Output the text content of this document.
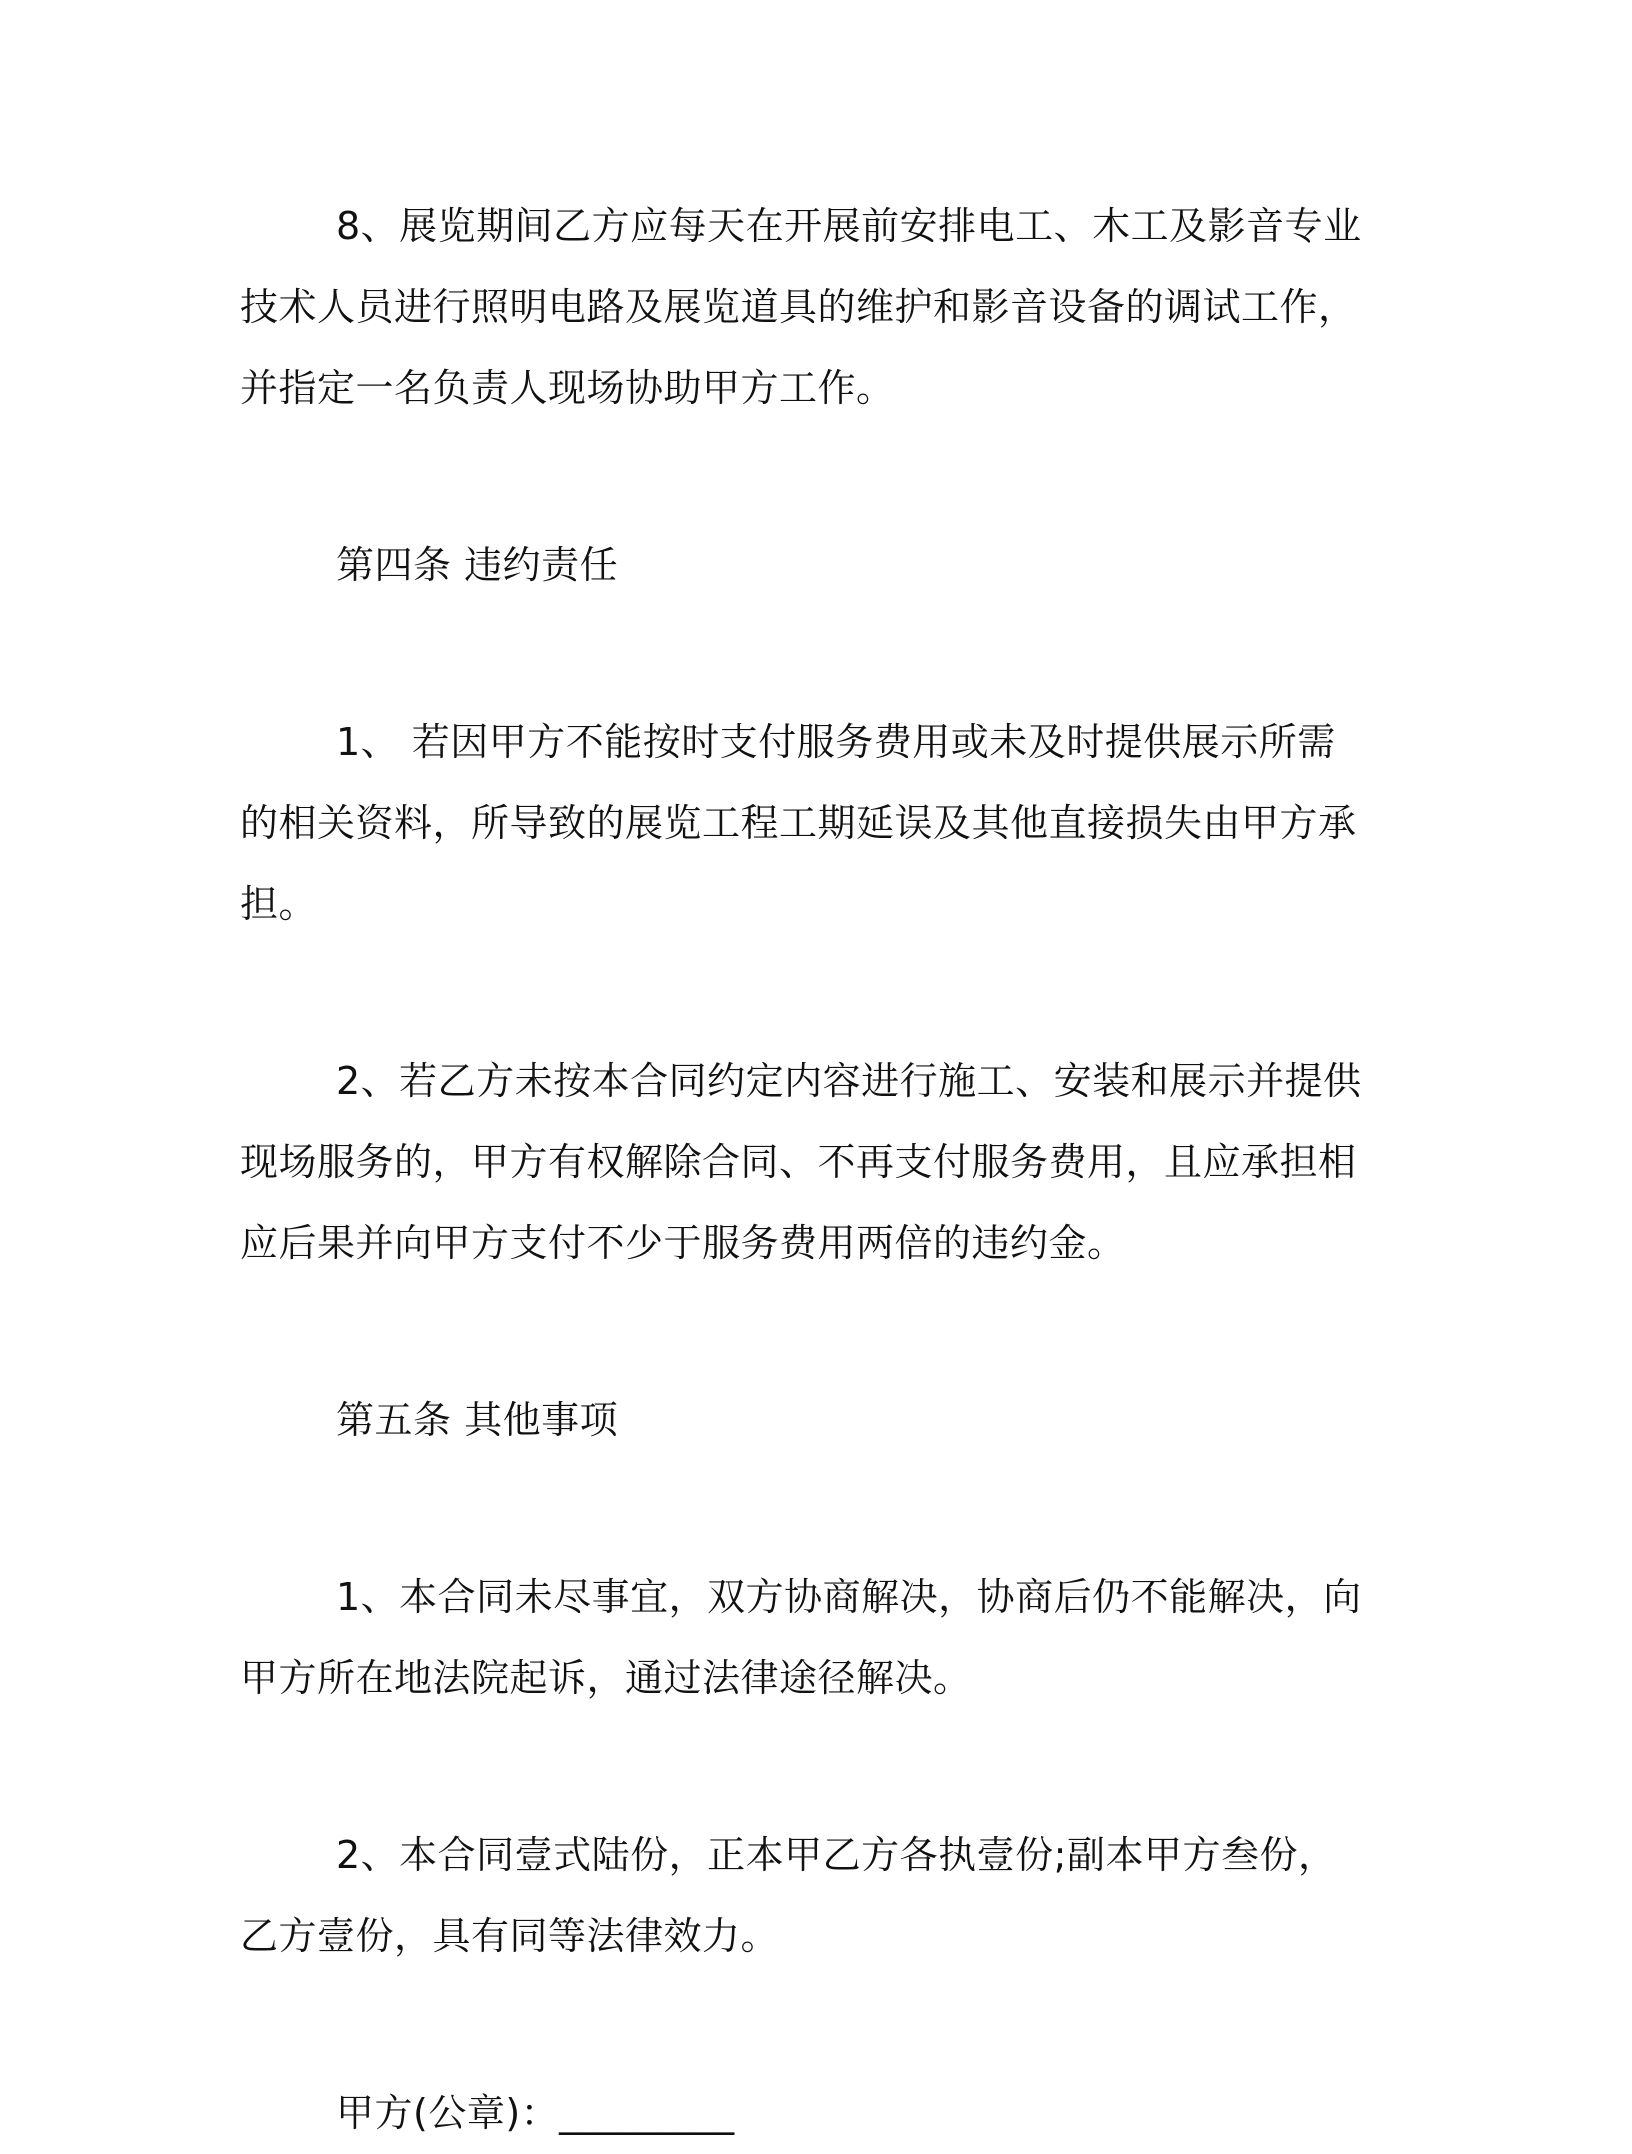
8、展览期间乙方应每天在开展前安排电工、木工及影音专业技术人员进行照明电路及展览道具的维护和影音设备的调试工作，并指定一名负责人现场协助甲方工作。

第四条 违约责任

1、 若因甲方不能按时支付服务费用或未及时提供展示所需的相关资料，所导致的展览工程工期延误及其他直接损失由甲方承担。

2、若乙方未按本合同约定内容进行施工、安装和展示并提供现场服务的，甲方有权解除合同、不再支付服务费用，且应承担相应后果并向甲方支付不少于服务费用两倍的违约金。

第五条 其他事项

1、本合同未尽事宜，双方协商解决，协商后仍不能解决，向甲方所在地法院起诉，通过法律途径解决。

2、本合同壹式陆份，正本甲乙方各执壹份;副本甲方叁份，乙方壹份，具有同等法律效力。

甲方(公章)：_________
